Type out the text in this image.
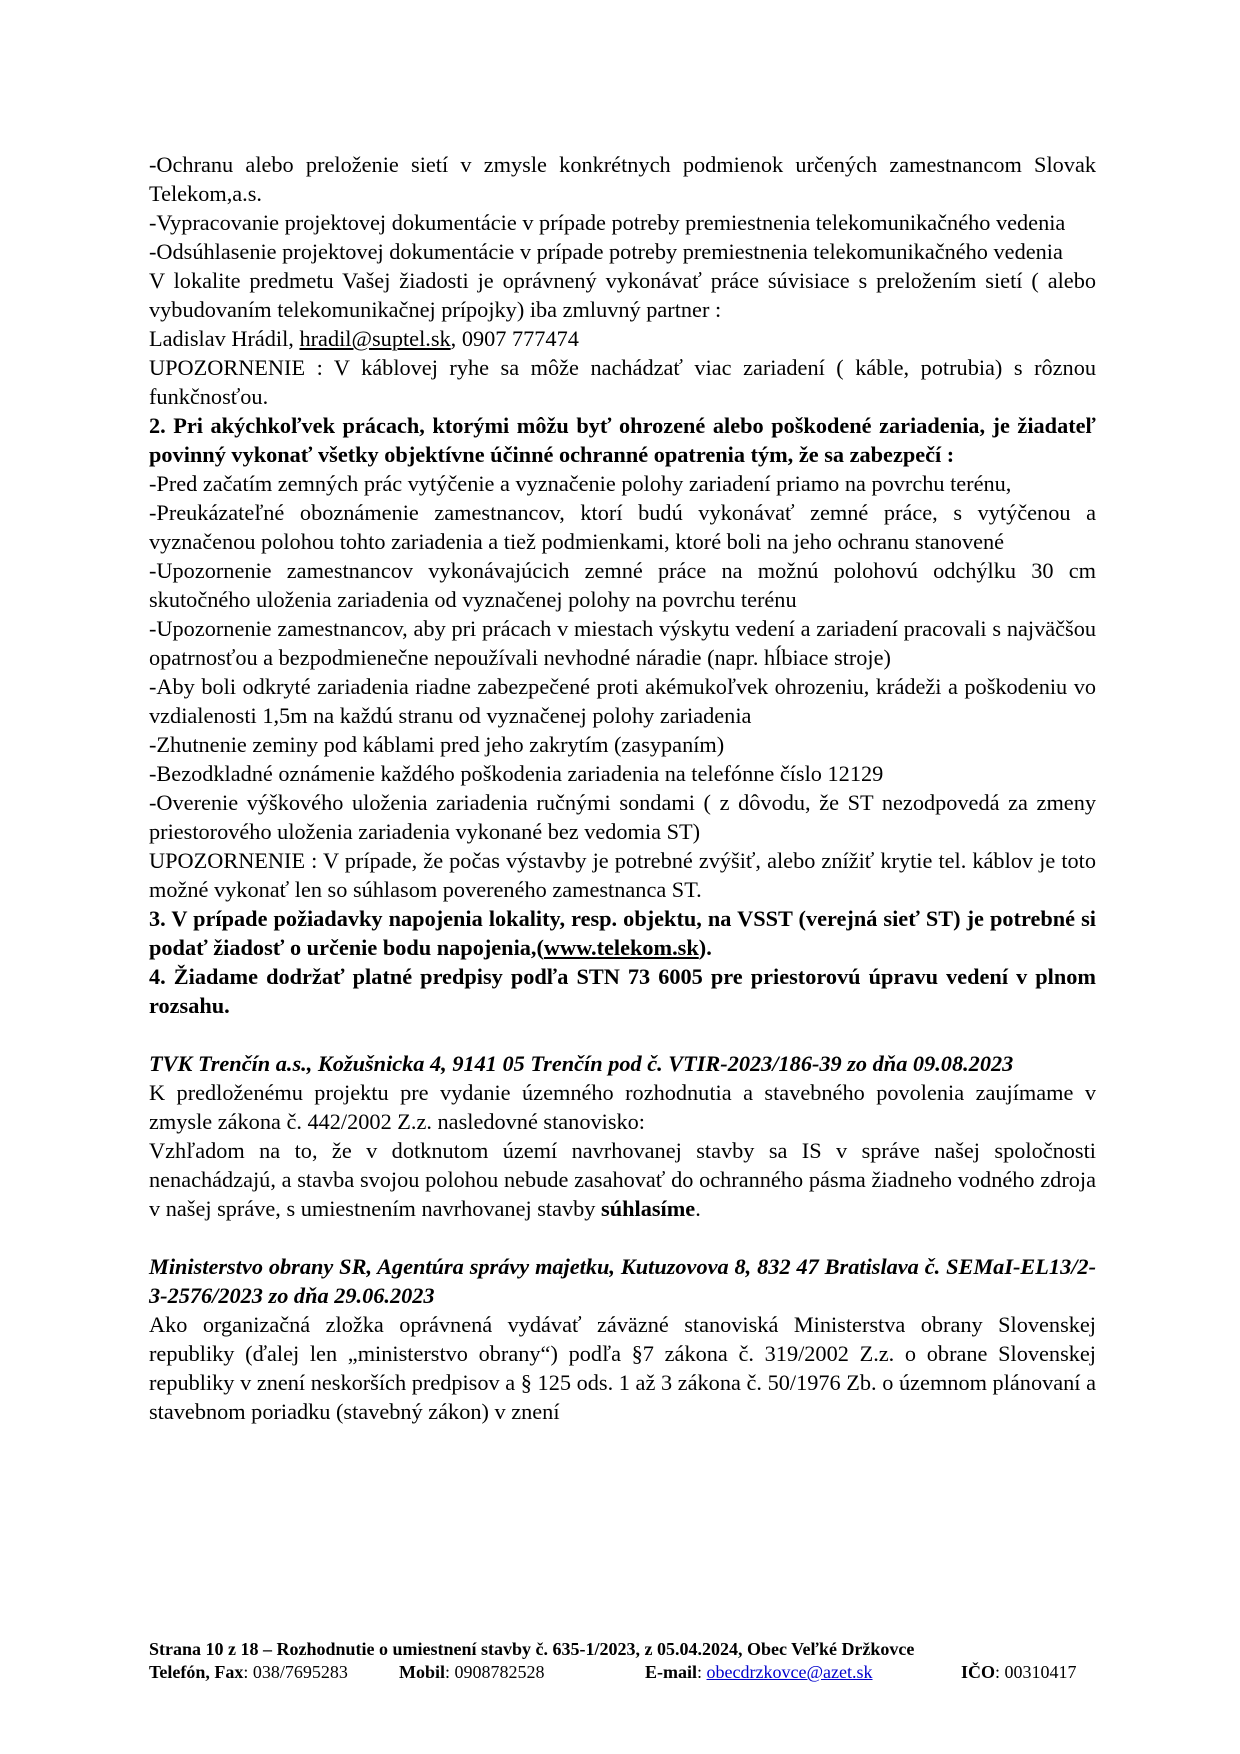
-Ochranu alebo preloženie sietí v zmysle konkrétnych podmienok určených zamestnancom Slovak Telekom,a.s.

-Vypracovanie projektovej dokumentácie v prípade potreby premiestnenia telekomunikačného vedenia

-Odsúhlasenie projektovej dokumentácie v prípade potreby premiestnenia telekomunikačného vedenia

V lokalite predmetu Vašej žiadosti je oprávnený vykonávať práce súvisiace s preložením sietí ( alebo vybudovaním telekomunikačnej prípojky) iba zmluvný partner :

Ladislav Hrádil, hradil@suptel.sk, 0907 777474

UPOZORNENIE : V káblovej ryhe sa môže nachádzať viac zariadení ( káble, potrubia) s rôznou funkčnosťou.

2. Pri akýchkoľvek prácach, ktorými môžu byť ohrozené alebo poškodené zariadenia, je žiadateľ povinný vykonať všetky objektívne účinné ochranné opatrenia tým, že sa zabezpečí :

-Pred začatím zemných prác vytýčenie a vyznačenie polohy zariadení priamo na povrchu terénu,

-Preukázateľné oboznámenie zamestnancov, ktorí budú vykonávať zemné práce, s vytýčenou a vyznačenou polohou tohto zariadenia a tiež podmienkami, ktoré boli na jeho ochranu stanovené

-Upozornenie zamestnancov vykonávajúcich zemné práce na možnú polohovú odchýlku 30 cm skutočného uloženia zariadenia od vyznačenej polohy na povrchu terénu

-Upozornenie zamestnancov, aby pri prácach v miestach výskytu vedení a zariadení pracovali s najväčšou opatrnosťou a bezpodmienečne nepoužívali nevhodné náradie (napr. hĺbiace stroje)

-Aby boli odkryté zariadenia riadne zabezpečené proti akémukoľvek ohrozeniu, krádeži a poškodeniu vo vzdialenosti 1,5m na každú stranu od vyznačenej polohy zariadenia

-Zhutnenie zeminy pod káblami pred jeho zakrytím (zasypaním)

-Bezodkladné oznámenie každého poškodenia zariadenia na telefónne číslo 12129

-Overenie výškového uloženia zariadenia ručnými sondami ( z dôvodu, že ST nezodpovedá za zmeny priestorového uloženia zariadenia vykonané bez vedomia ST)

UPOZORNENIE : V prípade, že počas výstavby je potrebné zvýšiť, alebo znížiť krytie tel. káblov je toto možné vykonať len so súhlasom povereného zamestnanca ST.

3. V prípade požiadavky napojenia lokality, resp. objektu, na VSST (verejná sieť ST) je potrebné si podať žiadosť o určenie bodu napojenia,(www.telekom.sk).

4. Žiadame dodržať platné predpisy podľa STN 73 6005 pre priestorovú úpravu vedení v plnom rozsahu.

TVK Trenčín a.s., Kožušnicka 4, 9141 05 Trenčín pod č. VTIR-2023/186-39 zo dňa 09.08.2023

K predloženému projektu pre vydanie územného rozhodnutia a stavebného povolenia zaujímame v zmysle zákona č. 442/2002 Z.z. nasledovné stanovisko:

Vzhľadom na to, že v dotknutom území navrhovanej stavby sa IS v správe našej spoločnosti nenachádzajú, a stavba svojou polohou nebude zasahovať do ochranného pásma žiadneho vodného zdroja v našej správe, s umiestnením navrhovanej stavby súhlasíme.

Ministerstvo obrany SR, Agentúra správy majetku, Kutuzovova 8, 832 47 Bratislava č. SEMaI-EL13/2-3-2576/2023 zo dňa 29.06.2023

Ako organizačná zložka oprávnená vydávať záväzné stanoviská Ministerstva obrany Slovenskej republiky (ďalej len „ministerstvo obrany“) podľa §7 zákona č. 319/2002 Z.z. o obrane Slovenskej republiky v znení neskorších predpisov a § 125 ods. 1 až 3 zákona č. 50/1976 Zb. o územnom plánovaní a stavebnom poriadku (stavebný zákon) v znení

Strana 10 z 18 – Rozhodnutie o umiestnení stavby č. 635-1/2023, z 05.04.2024, Obec Veľké Držkovce
Telefón, Fax: 038/7695283	Mobil: 0908782528	E-mail: obecdrzkovce@azet.sk	IČO: 00310417
